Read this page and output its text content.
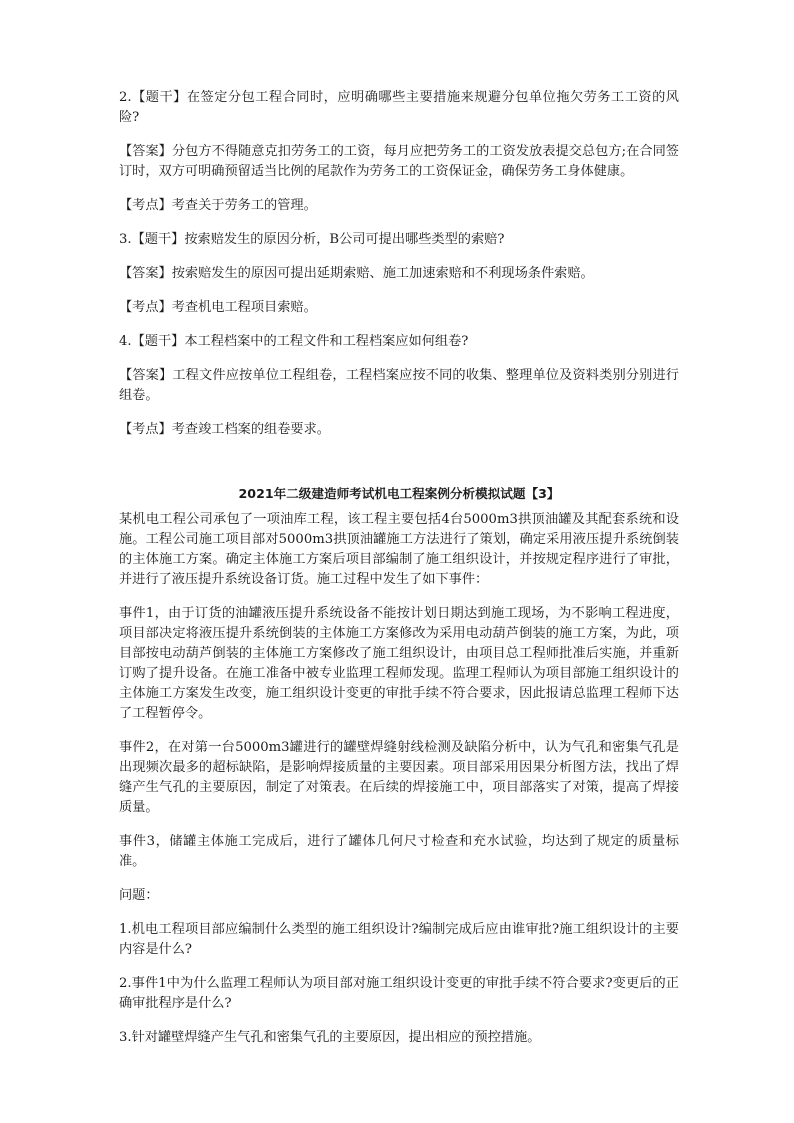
2.【题干】在签定分包工程合同时，应明确哪些主要措施来规避分包单位拖欠劳务工工资的风险?

【答案】分包方不得随意克扣劳务工的工资，每月应把劳务工的工资发放表提交总包方;在合同签订时，双方可明确预留适当比例的尾款作为劳务工的工资保证金，确保劳务工身体健康。

【考点】考查关于劳务工的管理。

3.【题干】按索赔发生的原因分析，B公司可提出哪些类型的索赔?

【答案】按索赔发生的原因可提出延期索赔、施工加速索赔和不利现场条件索赔。

【考点】考查机电工程项目索赔。

4.【题干】本工程档案中的工程文件和工程档案应如何组卷?

【答案】工程文件应按单位工程组卷，工程档案应按不同的收集、整理单位及资料类别分别进行组卷。

【考点】考查竣工档案的组卷要求。

2021年二级建造师考试机电工程案例分析模拟试题【3】

某机电工程公司承包了一项油库工程，该工程主要包括4台5000m3拱顶油罐及其配套系统和设施。工程公司施工项目部对5000m3拱顶油罐施工方法进行了策划，确定采用液压提升系统倒装的主体施工方案。确定主体施工方案后项目部编制了施工组织设计，并按规定程序进行了审批，并进行了液压提升系统设备订货。施工过程中发生了如下事件：

事件1，由于订货的油罐液压提升系统设备不能按计划日期达到施工现场，为不影响工程进度，项目部决定将液压提升系统倒装的主体施工方案修改为采用电动葫芦倒装的施工方案，为此，项目部按电动葫芦倒装的主体施工方案修改了施工组织设计，由项目总工程师批准后实施，并重新订购了提升设备。在施工准备中被专业监理工程师发现。监理工程师认为项目部施工组织设计的主体施工方案发生改变，施工组织设计变更的审批手续不符合要求，因此报请总监理工程师下达了工程暂停令。

事件2，在对第一台5000m3罐进行的罐壁焊缝射线检测及缺陷分析中，认为气孔和密集气孔是出现频次最多的超标缺陷，是影响焊接质量的主要因素。项目部采用因果分析图方法，找出了焊缝产生气孔的主要原因，制定了对策表。在后续的焊接施工中，项目部落实了对策，提高了焊接质量。

事件3，储罐主体施工完成后，进行了罐体几何尺寸检查和充水试验，均达到了规定的质量标准。

问题：

1.机电工程项目部应编制什么类型的施工组织设计?编制完成后应由谁审批?施工组织设计的主要内容是什么?

2.事件1中为什么监理工程师认为项目部对施工组织设计变更的审批手续不符合要求?变更后的正确审批程序是什么?

3.针对罐壁焊缝产生气孔和密集气孔的主要原因，提出相应的预控措施。
